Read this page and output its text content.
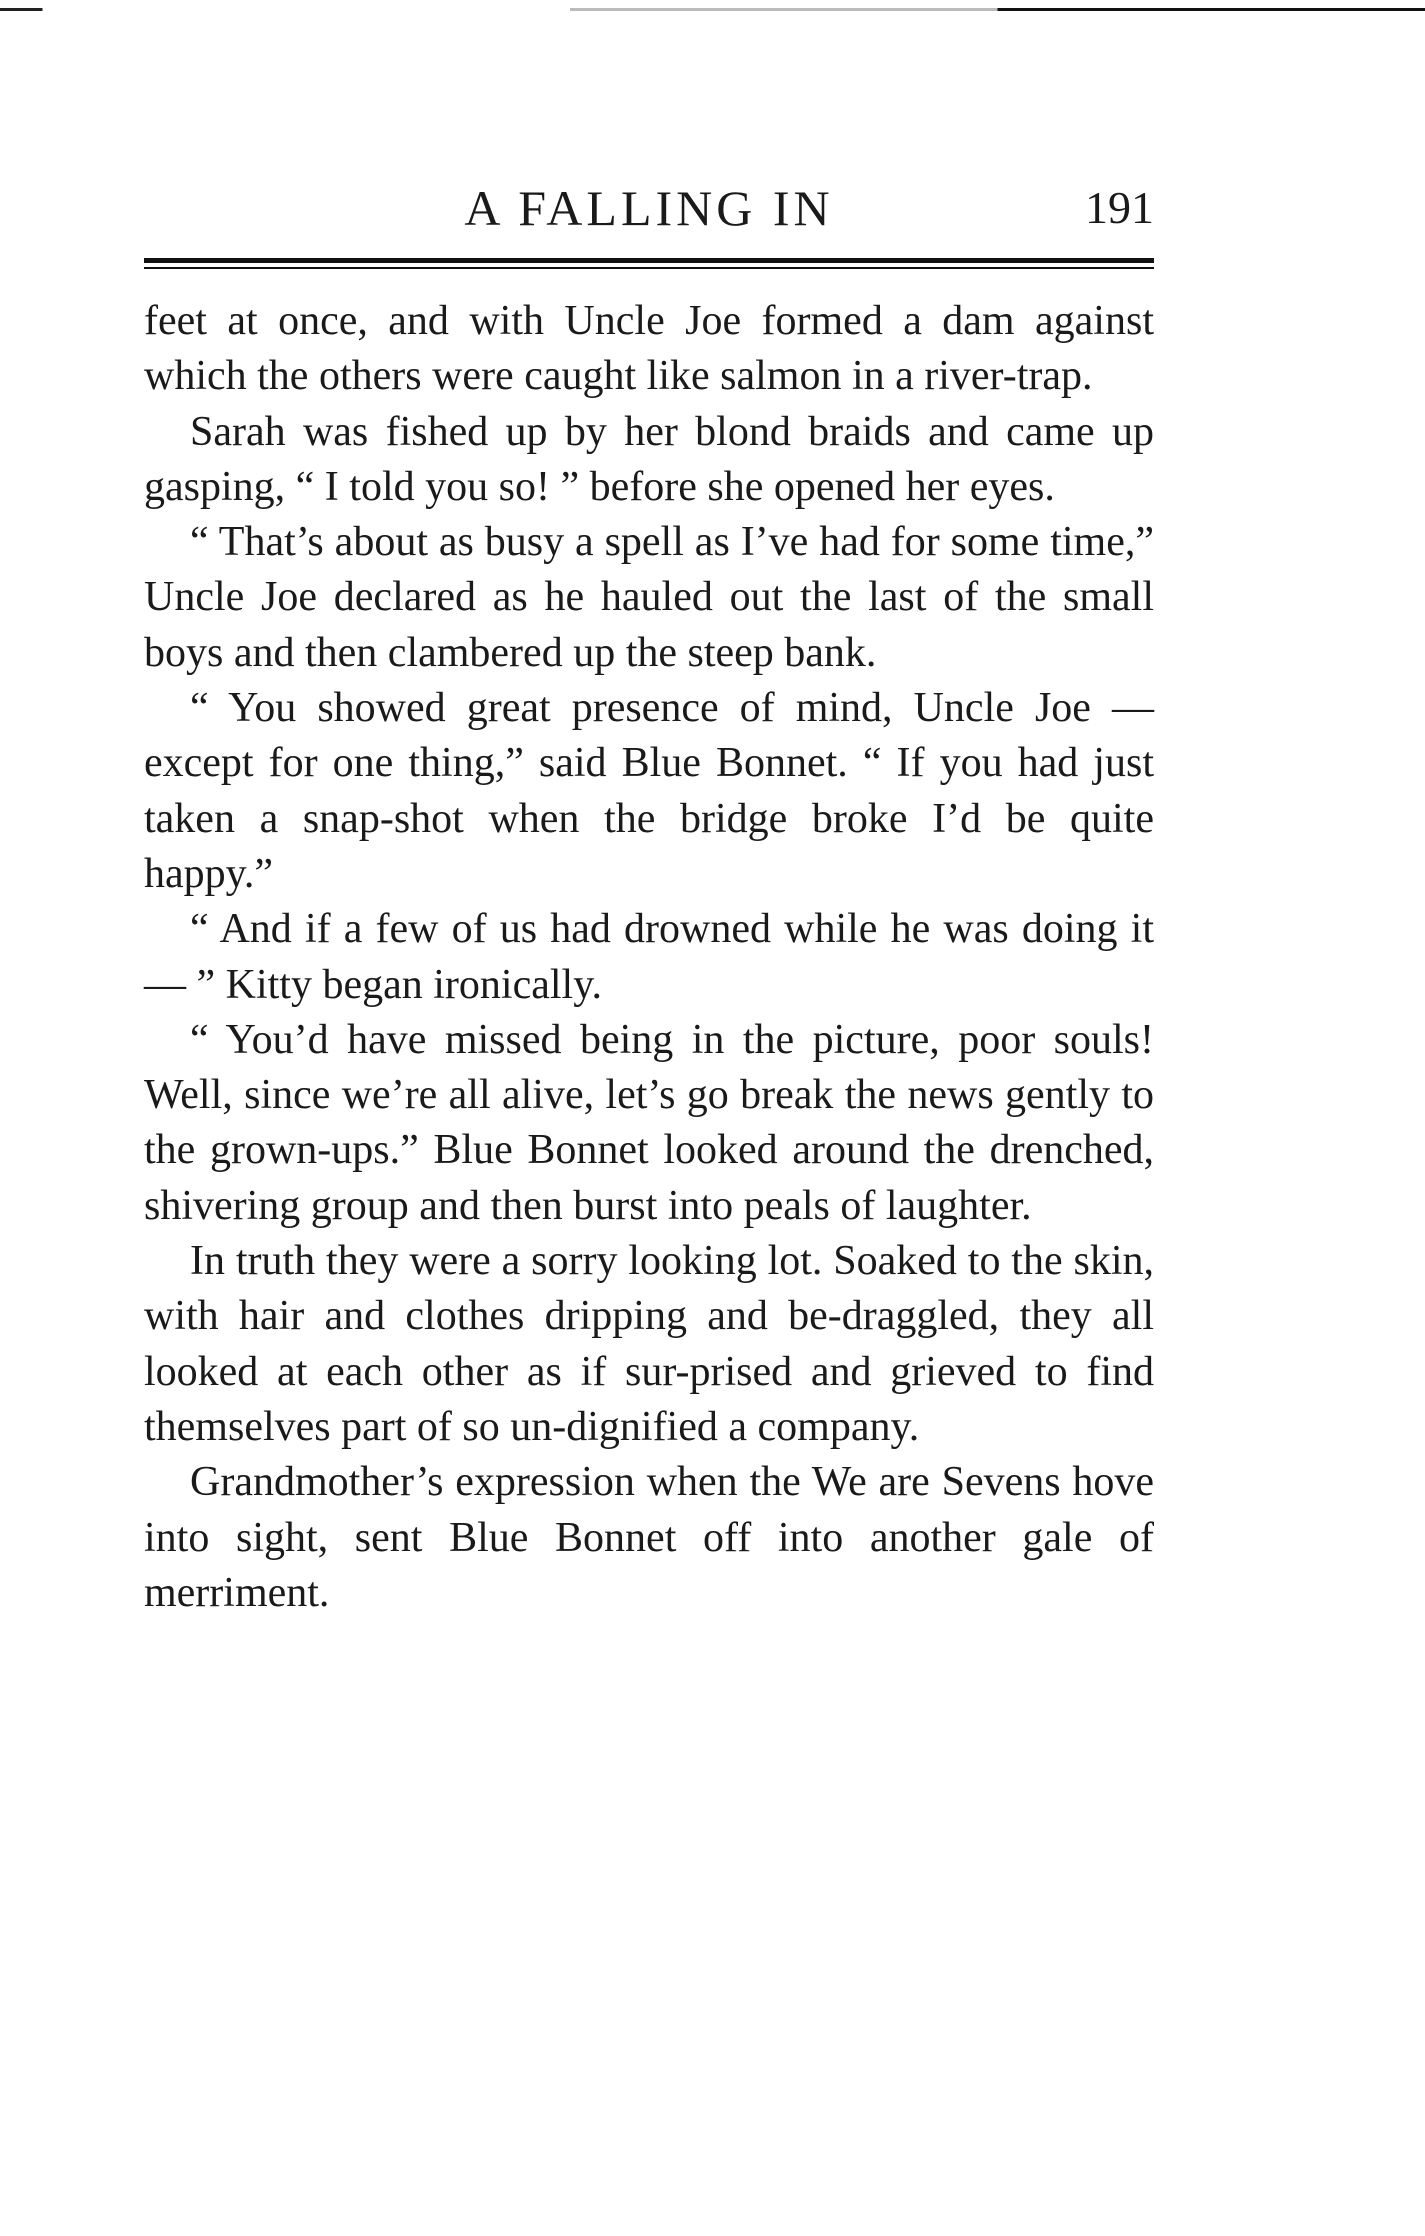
A FALLING IN	191

feet at once, and with Uncle Joe formed a dam against which the others were caught like salmon in a river-trap.

Sarah was fished up by her blond braids and came up gasping, “ I told you so! ” before she opened her eyes.

“ That’s about as busy a spell as I’ve had for some time,” Uncle Joe declared as he hauled out the last of the small boys and then clambered up the steep bank.

“ You showed great presence of mind, Uncle Joe — except for one thing,” said Blue Bonnet. “ If you had just taken a snap-shot when the bridge broke I’d be quite happy.”

“ And if a few of us had drowned while he was doing it — ” Kitty began ironically.

“ You’d have missed being in the picture, poor souls! Well, since we’re all alive, let’s go break the news gently to the grown-ups.” Blue Bonnet looked around the drenched, shivering group and then burst into peals of laughter.

In truth they were a sorry looking lot. Soaked to the skin, with hair and clothes dripping and be-draggled, they all looked at each other as if sur-prised and grieved to find themselves part of so un-dignified a company.

Grandmother’s expression when the We are Sevens hove into sight, sent Blue Bonnet off into another gale of merriment.
